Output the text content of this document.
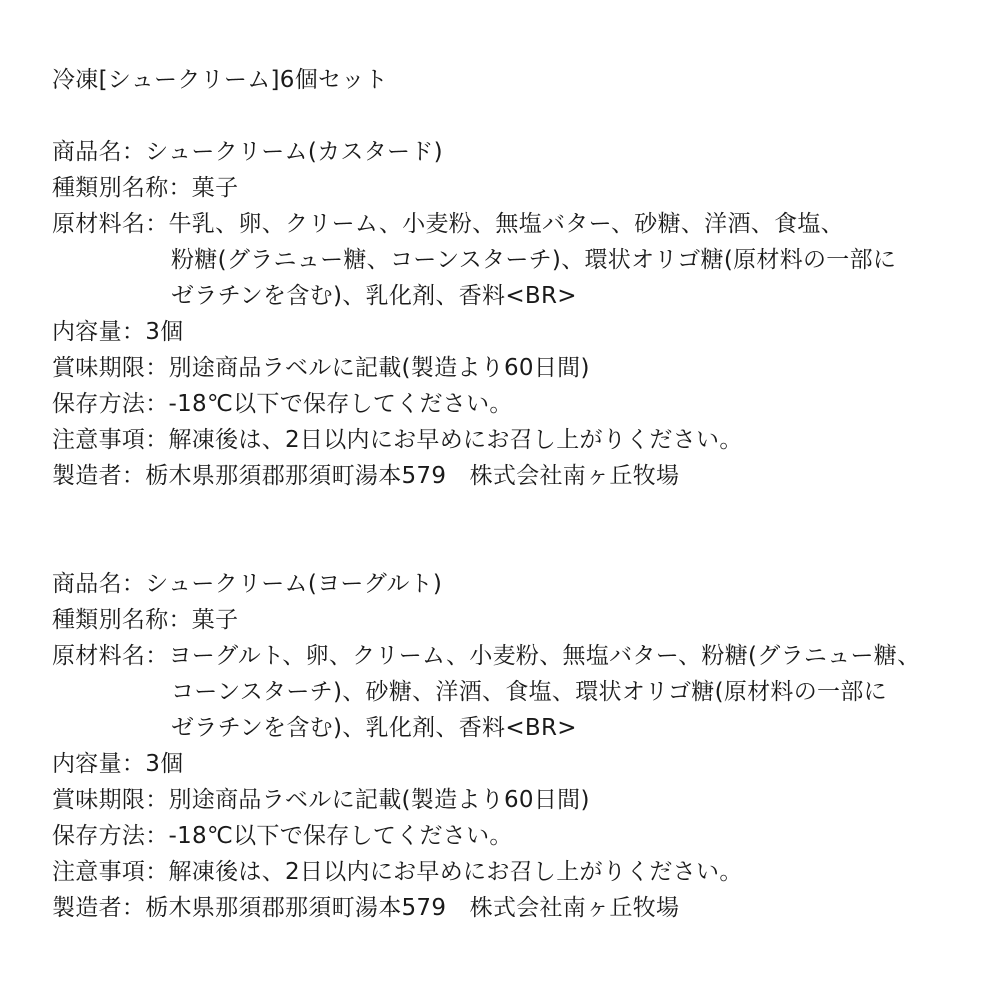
冷凍[シュークリーム]6個セット
商品名：シュークリーム(カスタード)
種類別名称：菓子
原材料名：牛乳、卵、クリーム、小麦粉、無塩バター、砂糖、洋酒、食塩、
粉糖(グラニュー糖、コーンスターチ)、環状オリゴ糖(原材料の一部に
ゼラチンを含む)、乳化剤、香料<BR>
内容量：3個
賞味期限：別途商品ラベルに記載(製造より60日間)
保存方法：-18℃以下で保存してください。
注意事項：解凍後は、2日以内にお早めにお召し上がりください。
製造者：栃木県那須郡那須町湯本579　株式会社南ヶ丘牧場
商品名：シュークリーム(ヨーグルト)
種類別名称：菓子
原材料名：ヨーグルト、卵、クリーム、小麦粉、無塩バター、粉糖(グラニュー糖、
コーンスターチ)、砂糖、洋酒、食塩、環状オリゴ糖(原材料の一部に
ゼラチンを含む)、乳化剤、香料<BR>
内容量：3個
賞味期限：別途商品ラベルに記載(製造より60日間)
保存方法：-18℃以下で保存してください。
注意事項：解凍後は、2日以内にお早めにお召し上がりください。
製造者：栃木県那須郡那須町湯本579　株式会社南ヶ丘牧場
